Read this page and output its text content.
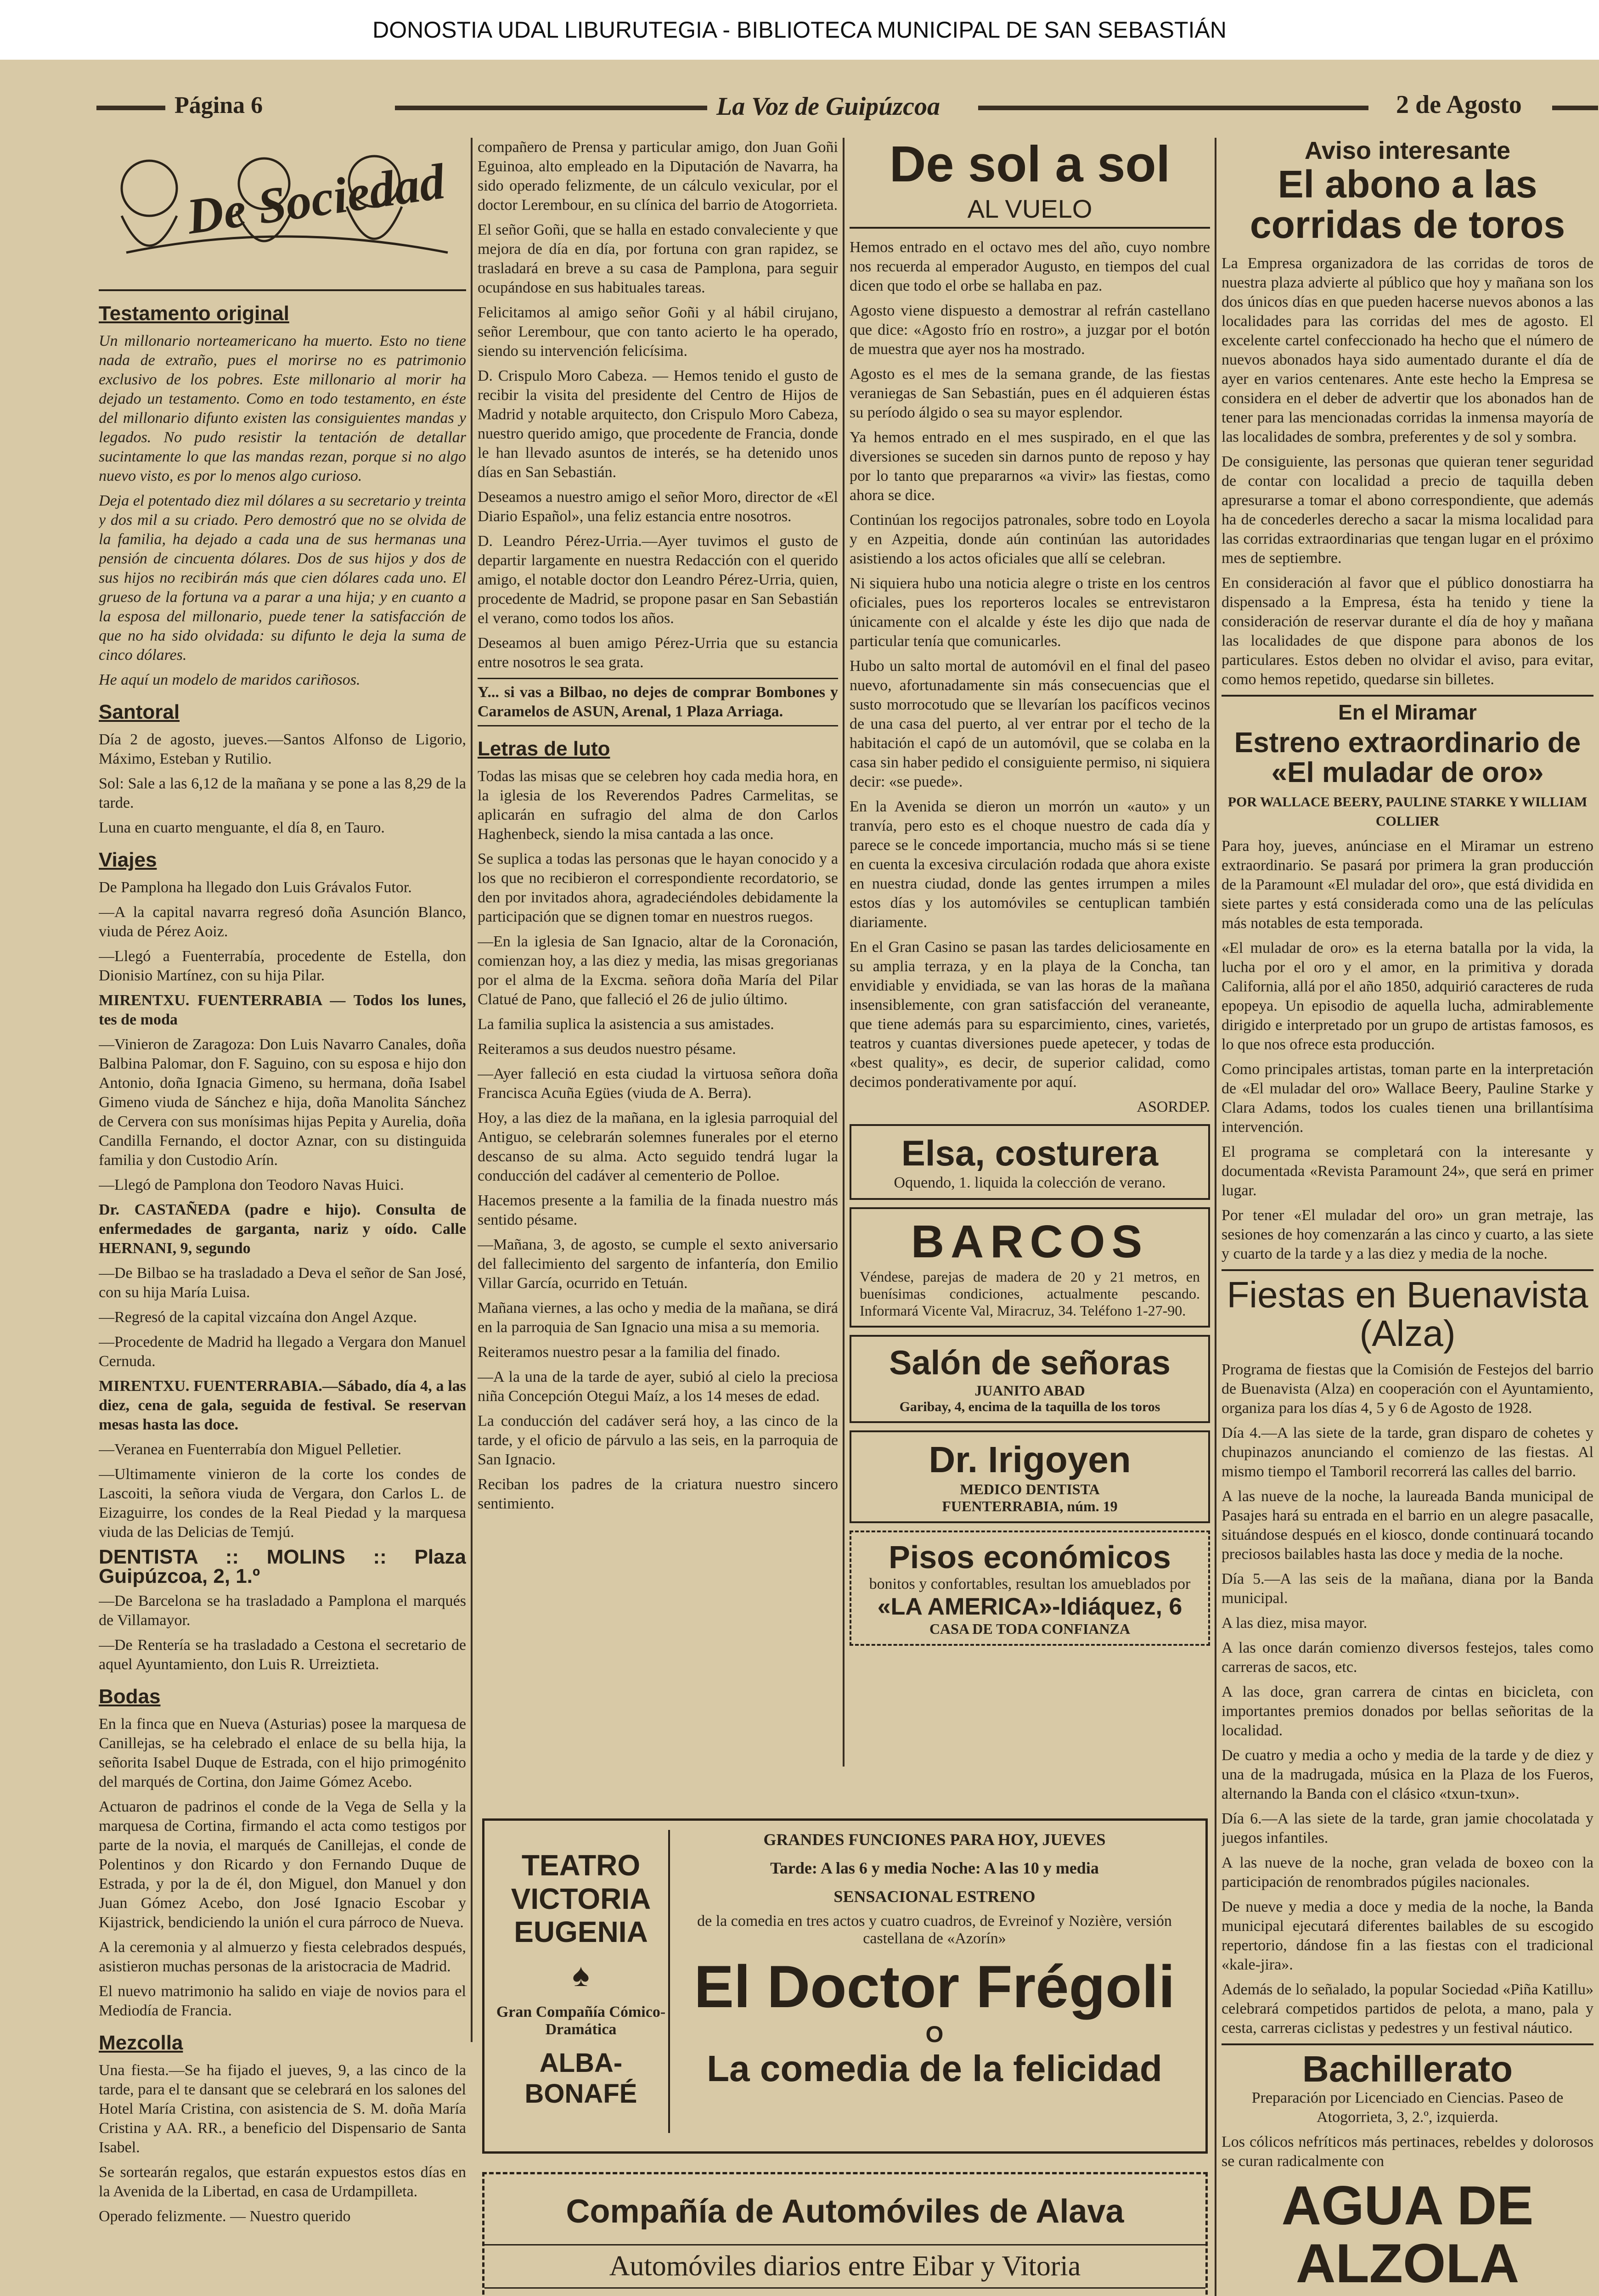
DONOSTIA UDAL LIBURUTEGIA - BIBLIOTECA MUNICIPAL DE SAN SEBASTIÁN
Página 6	La Voz de Guipúzcoa	2 de Agosto
De Sociedad
Testamento original

Un millonario norteamericano ha muerto. Esto no tiene nada de extraño, pues el morirse no es patrimonio exclusivo de los pobres. Este millonario al morir ha dejado un testamento. Como en todo testamento, en éste del millonario difunto existen las consiguientes mandas y legados. No pudo resistir la tentación de detallar sucintamente lo que las mandas rezan, porque si no algo nuevo visto, es por lo menos algo curioso.

Deja el potentado diez mil dólares a su secretario y treinta y dos mil a su criado. Pero demostró que no se olvida de la familia, ha dejado a cada una de sus hermanas una pensión de cincuenta dólares. Dos de sus hijos y dos de sus hijos no recibirán más que cien dólares cada uno. El grueso de la fortuna va a parar a una hija; y en cuanto a la esposa del millonario, puede tener la satisfacción de que no ha sido olvidada: su difunto le deja la suma de cinco dólares.

He aquí un modelo de maridos cariñosos.

Santoral

Día 2 de agosto, jueves.—Santos Alfonso de Ligorio, Máximo, Esteban y Rutilio.

Sol: Sale a las 6,12 de la mañana y se pone a las 8,29 de la tarde.

Luna en cuarto menguante, el día 8, en Tauro.

Viajes

De Pamplona ha llegado don Luis Grávalos Futor.

—A la capital navarra regresó doña Asunción Blanco, viuda de Pérez Aoiz.

—Llegó a Fuenterrabía, procedente de Estella, don Dionisio Martínez, con su hija Pilar.

MIRENTXU. FUENTERRABIA — Todos los lunes, tes de moda

—Vinieron de Zaragoza: Don Luis Navarro Canales, doña Balbina Palomar, don F. Saguino, con su esposa e hijo don Antonio, doña Ignacia Gimeno, su hermana, doña Isabel Gimeno viuda de Sánchez e hija, doña Manolita Sánchez de Cervera con sus monísimas hijas Pepita y Aurelia, doña Candilla Fernando, el doctor Aznar, con su distinguida familia y don Custodio Arín.

—Llegó de Pamplona don Teodoro Navas Huici.

Dr. CASTAÑEDA (padre e hijo). Consulta de enfermedades de garganta, nariz y oído. Calle HERNANI, 9, segundo

—De Bilbao se ha trasladado a Deva el señor de San José, con su hija María Luisa.

—Regresó de la capital vizcaína don Angel Azque.

—Procedente de Madrid ha llegado a Vergara don Manuel Cernuda.

MIRENTXU. FUENTERRABIA.—Sábado, día 4, a las diez, cena de gala, seguida de festival. Se reservan mesas hasta las doce.

—Veranea en Fuenterrabía don Miguel Pelletier.

—Ultimamente vinieron de la corte los condes de Lascoiti, la señora viuda de Vergara, don Carlos L. de Eizaguirre, los condes de la Real Piedad y la marquesa viuda de las Delicias de Temjú.

DENTISTA :: MOLINS :: Plaza Guipúzcoa, 2, 1.º

—De Barcelona se ha trasladado a Pamplona el marqués de Villamayor.

—De Rentería se ha trasladado a Cestona el secretario de aquel Ayuntamiento, don Luis R. Urreiztieta.

Bodas

En la finca que en Nueva (Asturias) posee la marquesa de Canillejas, se ha celebrado el enlace de su bella hija, la señorita Isabel Duque de Estrada, con el hijo primogénito del marqués de Cortina, don Jaime Gómez Acebo.

Actuaron de padrinos el conde de la Vega de Sella y la marquesa de Cortina, firmando el acta como testigos por parte de la novia, el marqués de Canillejas, el conde de Polentinos y don Ricardo y don Fernando Duque de Estrada, y por la de él, don Miguel, don Manuel y don Juan Gómez Acebo, don José Ignacio Escobar y Kijastrick, bendiciendo la unión el cura párroco de Nueva.

A la ceremonia y al almuerzo y fiesta celebrados después, asistieron muchas personas de la aristocracia de Madrid.

El nuevo matrimonio ha salido en viaje de novios para el Mediodía de Francia.

Mezcolla

Una fiesta.—Se ha fijado el jueves, 9, a las cinco de la tarde, para el te dansant que se celebrará en los salones del Hotel María Cristina, con asistencia de S. M. doña María Cristina y AA. RR., a beneficio del Dispensario de Santa Isabel.

Se sortearán regalos, que estarán expuestos estos días en la Avenida de la Libertad, en casa de Urdampilleta.

Operado felizmente. — Nuestro querido

compañero de Prensa y particular amigo, don Juan Goñi Eguinoa, alto empleado en la Diputación de Navarra, ha sido operado felizmente, de un cálculo vexicular, por el doctor Lerembour, en su clínica del barrio de Atogorrieta.

El señor Goñi, que se halla en estado convaleciente y que mejora de día en día, por fortuna con gran rapidez, se trasladará en breve a su casa de Pamplona, para seguir ocupándose en sus habituales tareas.

Felicitamos al amigo señor Goñi y al hábil cirujano, señor Lerembour, que con tanto acierto le ha operado, siendo su intervención felicísima.

D. Crispulo Moro Cabeza. — Hemos tenido el gusto de recibir la visita del presidente del Centro de Hijos de Madrid y notable arquitecto, don Crispulo Moro Cabeza, nuestro querido amigo, que procedente de Francia, donde le han llevado asuntos de interés, se ha detenido unos días en San Sebastián.

Deseamos a nuestro amigo el señor Moro, director de «El Diario Español», una feliz estancia entre nosotros.

D. Leandro Pérez-Urria.—Ayer tuvimos el gusto de departir largamente en nuestra Redacción con el querido amigo, el notable doctor don Leandro Pérez-Urria, quien, procedente de Madrid, se propone pasar en San Sebastián el verano, como todos los años.

Deseamos al buen amigo Pérez-Urria que su estancia entre nosotros le sea grata.

Y... si vas a Bilbao, no dejes de comprar Bombones y Caramelos de ASUN, Arenal, 1 Plaza Arriaga.

Letras de luto

Todas las misas que se celebren hoy cada media hora, en la iglesia de los Reverendos Padres Carmelitas, se aplicarán en sufragio del alma de don Carlos Haghenbeck, siendo la misa cantada a las once.

Se suplica a todas las personas que le hayan conocido y a los que no recibieron el correspondiente recordatorio, se den por invitados ahora, agradeciéndoles debidamente la participación que se dignen tomar en nuestros ruegos.

—En la iglesia de San Ignacio, altar de la Coronación, comienzan hoy, a las diez y media, las misas gregorianas por el alma de la Excma. señora doña María del Pilar Clatué de Pano, que falleció el 26 de julio último.

La familia suplica la asistencia a sus amistades.

Reiteramos a sus deudos nuestro pésame.

—Ayer falleció en esta ciudad la virtuosa señora doña Francisca Acuña Egües (viuda de A. Berra).

Hoy, a las diez de la mañana, en la iglesia parroquial del Antiguo, se celebrarán solemnes funerales por el eterno descanso de su alma. Acto seguido tendrá lugar la conducción del cadáver al cementerio de Polloe.

Hacemos presente a la familia de la finada nuestro más sentido pésame.

—Mañana, 3, de agosto, se cumple el sexto aniversario del fallecimiento del sargento de infantería, don Emilio Villar García, ocurrido en Tetuán.

Mañana viernes, a las ocho y media de la mañana, se dirá en la parroquia de San Ignacio una misa a su memoria.

Reiteramos nuestro pesar a la familia del finado.

—A la una de la tarde de ayer, subió al cielo la preciosa niña Concepción Otegui Maíz, a los 14 meses de edad.

La conducción del cadáver será hoy, a las cinco de la tarde, y el oficio de párvulo a las seis, en la parroquia de San Ignacio.

Reciban los padres de la criatura nuestro sincero sentimiento.

De sol a sol
AL VUELO

Hemos entrado en el octavo mes del año, cuyo nombre nos recuerda al emperador Augusto, en tiempos del cual dicen que todo el orbe se hallaba en paz.

Agosto viene dispuesto a demostrar al refrán castellano que dice: «Agosto frío en rostro», a juzgar por el botón de muestra que ayer nos ha mostrado.

Agosto es el mes de la semana grande, de las fiestas veraniegas de San Sebastián, pues en él adquieren éstas su período álgido o sea su mayor esplendor.

Ya hemos entrado en el mes suspirado, en el que las diversiones se suceden sin darnos punto de reposo y hay por lo tanto que prepararnos «a vivir» las fiestas, como ahora se dice.

Continúan los regocijos patronales, sobre todo en Loyola y en Azpeitia, donde aún continúan las autoridades asistiendo a los actos oficiales que allí se celebran.

Ni siquiera hubo una noticia alegre o triste en los centros oficiales, pues los reporteros locales se entrevistaron únicamente con el alcalde y éste les dijo que nada de particular tenía que comunicarles.

Hubo un salto mortal de automóvil en el final del paseo nuevo, afortunadamente sin más consecuencias que el susto morrocotudo que se llevarían los pacíficos vecinos de una casa del puerto, al ver entrar por el techo de la habitación el capó de un automóvil, que se colaba en la casa sin haber pedido el consiguiente permiso, ni siquiera decir: «se puede».

En la Avenida se dieron un morrón un «auto» y un tranvía, pero esto es el choque nuestro de cada día y parece se le concede importancia, mucho más si se tiene en cuenta la excesiva circulación rodada que ahora existe en nuestra ciudad, donde las gentes irrumpen a miles estos días y los automóviles se centuplican también diariamente.

En el Gran Casino se pasan las tardes deliciosamente en su amplia terraza, y en la playa de la Concha, tan envidiable y envidiada, se van las horas de la mañana insensiblemente, con gran satisfacción del veraneante, que tiene además para su esparcimiento, cines, varietés, teatros y cuantas diversiones puede apetecer, y todas de «best quality», es decir, de superior calidad, como decimos ponderativamente por aquí.

ASORDEP.

Elsa, costurera
Oquendo, 1. liquida la colección de verano.
BARCOS
Véndese, parejas de madera de 20 y 21 metros, en buenísimas condiciones, actualmente pescando. Informará Vicente Val, Miracruz, 34. Teléfono 1-27-90.
Salón de señoras
JUANITO ABAD
Garibay, 4, encima de la taquilla de los toros
Dr. Irigoyen
MEDICO DENTISTA
FUENTERRABIA, núm. 19
Pisos económicos
bonitos y confortables, resultan los amueblados por
«LA AMERICA»-Idiáquez, 6
CASA DE TODA CONFIANZA
Aviso interesante
El abono a las corridas de toros

La Empresa organizadora de las corridas de toros de nuestra plaza advierte al público que hoy y mañana son los dos únicos días en que pueden hacerse nuevos abonos a las localidades para las corridas del mes de agosto. El excelente cartel confeccionado ha hecho que el número de nuevos abonados haya sido aumentado durante el día de ayer en varios centenares. Ante este hecho la Empresa se considera en el deber de advertir que los abonados han de tener para las mencionadas corridas la inmensa mayoría de las localidades de sombra, preferentes y de sol y sombra.

De consiguiente, las personas que quieran tener seguridad de contar con localidad a precio de taquilla deben apresurarse a tomar el abono correspondiente, que además ha de concederles derecho a sacar la misma localidad para las corridas extraordinarias que tengan lugar en el próximo mes de septiembre.

En consideración al favor que el público donostiarra ha dispensado a la Empresa, ésta ha tenido y tiene la consideración de reservar durante el día de hoy y mañana las localidades de que dispone para abonos de los particulares. Estos deben no olvidar el aviso, para evitar, como hemos repetido, quedarse sin billetes.

En el Miramar
Estreno extraordinario de «El muladar de oro»

POR WALLACE BEERY, PAULINE STARKE Y WILLIAM COLLIER

Para hoy, jueves, anúnciase en el Miramar un estreno extraordinario. Se pasará por primera la gran producción de la Paramount «El muladar del oro», que está dividida en siete partes y está considerada como una de las películas más notables de esta temporada.

«El muladar de oro» es la eterna batalla por la vida, la lucha por el oro y el amor, en la primitiva y dorada California, allá por el año 1850, adquirió caracteres de ruda epopeya. Un episodio de aquella lucha, admirablemente dirigido e interpretado por un grupo de artistas famosos, es lo que nos ofrece esta producción.

Como principales artistas, toman parte en la interpretación de «El muladar del oro» Wallace Beery, Pauline Starke y Clara Adams, todos los cuales tienen una brillantísima intervención.

El programa se completará con la interesante y documentada «Revista Paramount 24», que será en primer lugar.

Por tener «El muladar del oro» un gran metraje, las sesiones de hoy comenzarán a las cinco y cuarto, a las siete y cuarto de la tarde y a las diez y media de la noche.

Fiestas en Buenavista (Alza)

Programa de fiestas que la Comisión de Festejos del barrio de Buenavista (Alza) en cooperación con el Ayuntamiento, organiza para los días 4, 5 y 6 de Agosto de 1928.

Día 4.—A las siete de la tarde, gran disparo de cohetes y chupinazos anunciando el comienzo de las fiestas. Al mismo tiempo el Tamboril recorrerá las calles del barrio.

A las nueve de la noche, la laureada Banda municipal de Pasajes hará su entrada en el barrio en un alegre pasacalle, situándose después en el kiosco, donde continuará tocando preciosos bailables hasta las doce y media de la noche.

Día 5.—A las seis de la mañana, diana por la Banda municipal.

A las diez, misa mayor.

A las once darán comienzo diversos festejos, tales como carreras de sacos, etc.

A las doce, gran carrera de cintas en bicicleta, con importantes premios donados por bellas señoritas de la localidad.

De cuatro y media a ocho y media de la tarde y de diez y una de la madrugada, música en la Plaza de los Fueros, alternando la Banda con el clásico «txun-txun».

Día 6.—A las siete de la tarde, gran jamie chocolatada y juegos infantiles.

A las nueve de la noche, gran velada de boxeo con la participación de renombrados púgiles nacionales.

De nueve y media a doce y media de la noche, la Banda municipal ejecutará diferentes bailables de su escogido repertorio, dándose fin a las fiestas con el tradicional «kale-jira».

Además de lo señalado, la popular Sociedad «Piña Katillu» celebrará competidos partidos de pelota, a mano, pala y cesta, carreras ciclistas y pedestres y un festival náutico.

Bachillerato

Preparación por Licenciado en Ciencias. Paseo de Atogorrieta, 3, 2.º, izquierda.

Los cólicos nefríticos más pertinaces, rebeldes y dolorosos se curan radicalmente con

AGUA DE ALZOLA
TEATRO
VICTORIA EUGENIA
♠
Gran Compañía Cómico-Dramática
ALBA-BONAFÉ
GRANDES FUNCIONES PARA HOY, JUEVES
Tarde: A las 6 y media Noche: A las 10 y media
SENSACIONAL ESTRENO
de la comedia en tres actos y cuatro cuadros, de Evreinof y Nozière, versión castellana de «Azorín»
El Doctor Frégoli
O
La comedia de la felicidad
Compañía de Automóviles de Alava
Automóviles diarios entre Eibar y Vitoria
